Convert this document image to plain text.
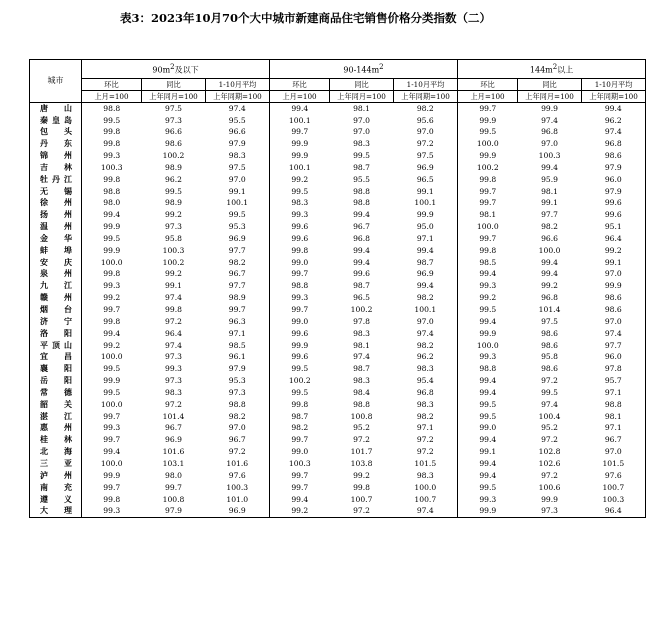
表3：2023年10月70个大中城市新建商品住宅销售价格分类指数（二）
城市	$90m^2$及以下			$90-144m^2$			$144m^2$以上		
	环比	同比	1-10月平均	环比	同比	1-10月平均	环比	同比	1-10月平均
	上月=100	上年同月=100	上年同期=100	上月=100	上年同月=100	上年同期=100	上月=100	上年同月=100	上年同期=100
唐山	98.8	97.5	97.4	99.4	98.1	98.2	99.7	99.9	99.4
秦皇岛	99.5	97.3	95.5	100.1	97.0	95.6	99.9	97.4	96.2
包头	99.8	96.6	96.6	99.7	97.0	97.0	99.5	96.8	97.4
丹东	99.8	98.6	97.9	99.9	98.3	97.2	100.0	97.0	96.8
锦州	99.3	100.2	98.3	99.9	99.5	97.5	99.9	100.3	98.6
吉林	100.3	98.9	97.5	100.1	98.7	96.9	100.2	99.4	97.9
牡丹江	99.8	96.2	97.0	99.2	95.5	96.5	99.8	95.9	96.0
无锡	98.8	99.5	99.1	99.5	98.8	99.1	99.7	98.1	97.9
徐州	98.0	98.9	100.1	98.3	98.8	100.1	99.7	99.1	99.6
扬州	99.4	99.2	99.5	99.3	99.4	99.9	98.1	97.7	99.6
温州	99.9	97.3	95.3	99.6	96.7	95.0	100.0	98.2	95.1
金华	99.5	95.8	96.9	99.6	96.8	97.1	99.7	96.6	96.4
蚌埠	99.9	100.3	97.7	99.8	99.4	99.4	99.8	100.0	99.2
安庆	100.0	100.2	98.2	99.0	99.4	98.7	98.5	99.4	99.1
泉州	99.8	99.2	96.7	99.7	99.6	96.9	99.4	99.4	97.0
九江	99.3	99.1	97.7	98.8	98.7	99.4	99.3	99.2	99.9
赣州	99.2	97.4	98.9	99.3	96.5	98.2	99.2	96.8	98.6
烟台	99.7	99.8	99.7	99.7	100.2	100.1	99.5	101.4	98.6
济宁	99.8	97.2	96.3	99.0	97.8	97.0	99.4	97.5	97.0
洛阳	99.4	96.4	97.1	99.6	98.3	97.4	99.9	98.6	97.4
平顶山	99.2	97.4	98.5	99.9	98.1	98.2	100.0	98.6	97.7
宜昌	100.0	97.3	96.1	99.6	97.4	96.2	99.3	95.8	96.0
襄阳	99.5	99.3	97.9	99.5	98.7	98.3	98.8	98.6	97.8
岳阳	99.9	97.3	95.3	100.2	98.3	95.4	99.4	97.2	95.7
常德	99.5	98.3	97.3	99.5	98.4	96.8	99.4	99.5	97.1
韶关	100.0	97.2	98.8	99.8	98.8	98.3	99.5	97.4	98.8
湛江	99.7	101.4	98.2	98.7	100.8	98.2	99.5	100.4	98.1
惠州	99.3	96.7	97.0	98.2	95.2	97.1	99.0	95.2	97.1
桂林	99.7	96.9	96.7	99.7	97.2	97.2	99.4	97.2	96.7
北海	99.4	101.6	97.2	99.0	101.7	97.2	99.1	102.8	97.0
三亚	100.0	103.1	101.6	100.3	103.8	101.5	99.4	102.6	101.5
泸州	99.9	98.0	97.6	99.7	99.2	98.3	99.4	97.2	97.6
南充	99.7	99.7	100.3	99.7	99.8	100.0	99.5	100.6	100.7
遵义	99.8	100.8	101.0	99.4	100.7	100.7	99.3	99.9	100.3
大理	99.3	97.9	96.9	99.2	97.2	97.4	99.9	97.3	96.4
